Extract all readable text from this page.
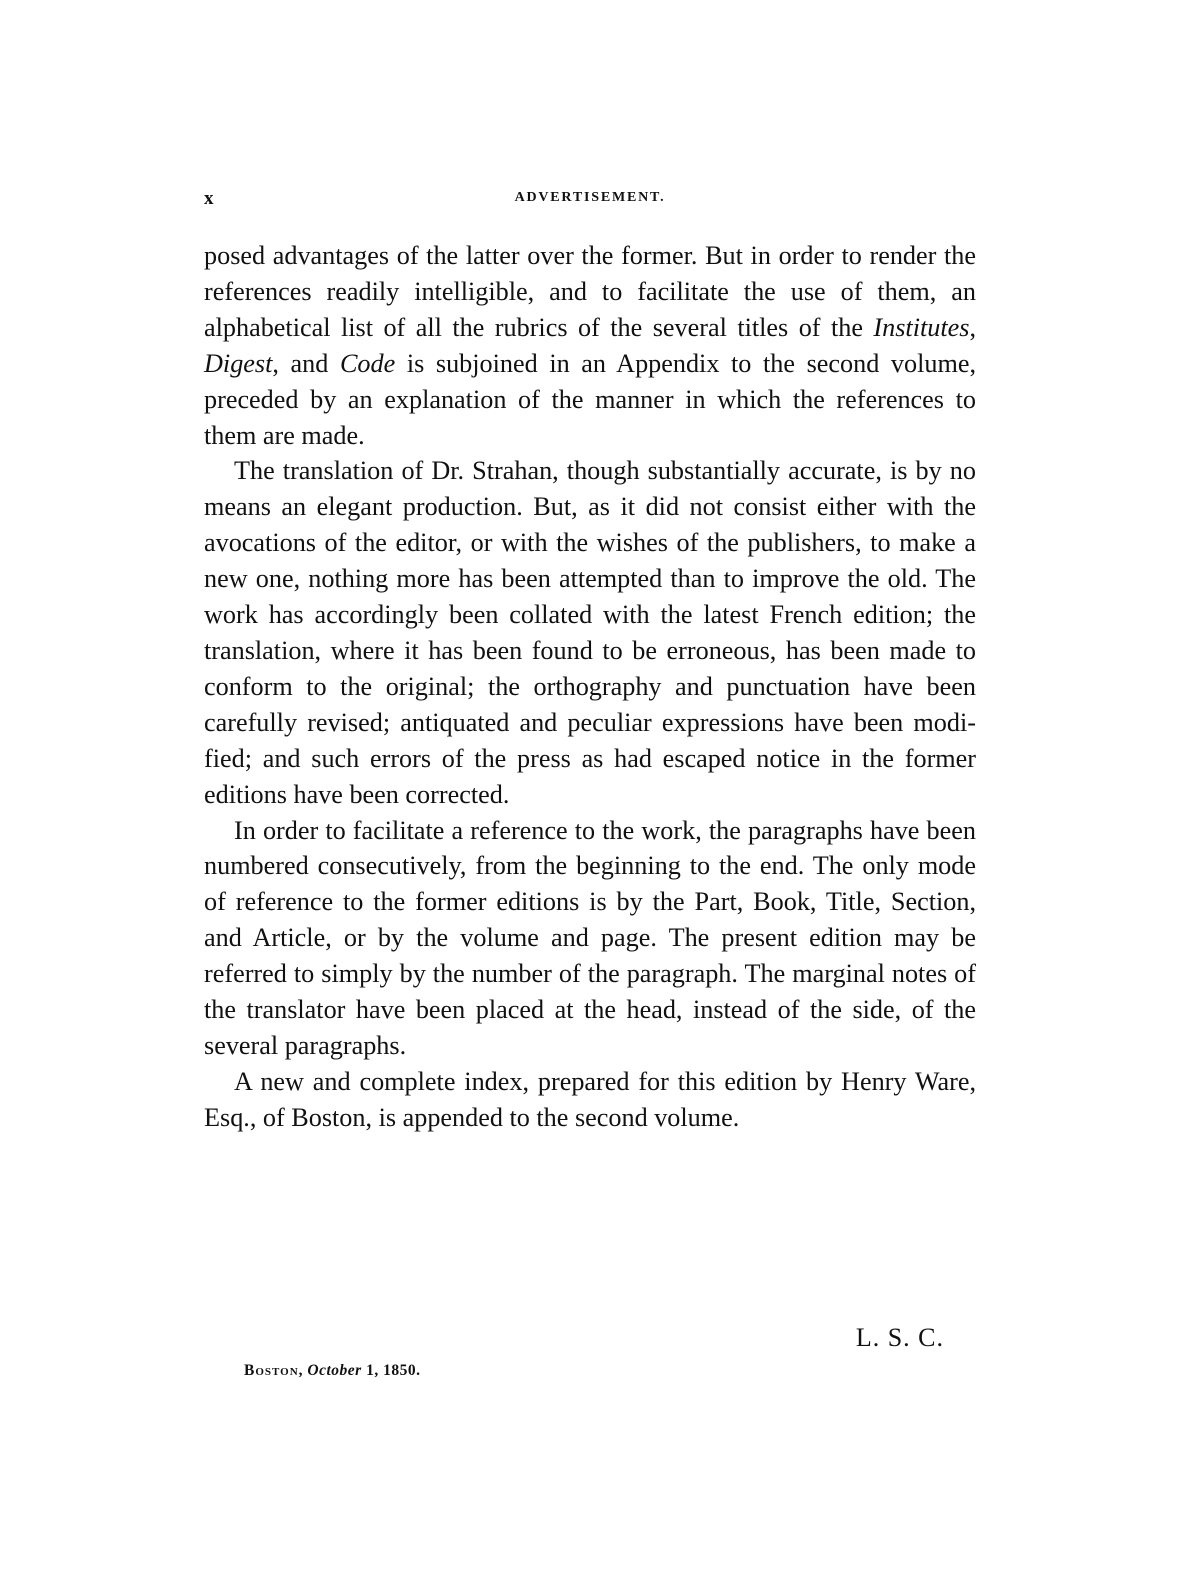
x	ADVERTISEMENT.

posed advantages of the latter over the former. But in order to render the references readily intelligible, and to facilitate the use of them, an alphabetical list of all the rubrics of the several titles of the Institutes, Digest, and Code is subjoined in an Appendix to the second volume, preceded by an explanation of the manner in which the references to them are made.

The translation of Dr. Strahan, though substantially accurate, is by no means an elegant production. But, as it did not consist either with the avocations of the editor, or with the wishes of the publishers, to make a new one, nothing more has been attempted than to improve the old. The work has accordingly been collated with the latest French edition; the translation, where it has been found to be erroneous, has been made to conform to the original; the orthography and punctuation have been carefully revised; antiquated and peculiar expressions have been modified; and such errors of the press as had escaped notice in the former editions have been corrected.

In order to facilitate a reference to the work, the paragraphs have been numbered consecutively, from the beginning to the end. The only mode of reference to the former editions is by the Part, Book, Title, Section, and Article, or by the volume and page. The present edition may be referred to simply by the number of the paragraph. The marginal notes of the translator have been placed at the head, instead of the side, of the several paragraphs.

A new and complete index, prepared for this edition by Henry Ware, Esq., of Boston, is appended to the second volume.

L. S. C.
Boston, October 1, 1850.
